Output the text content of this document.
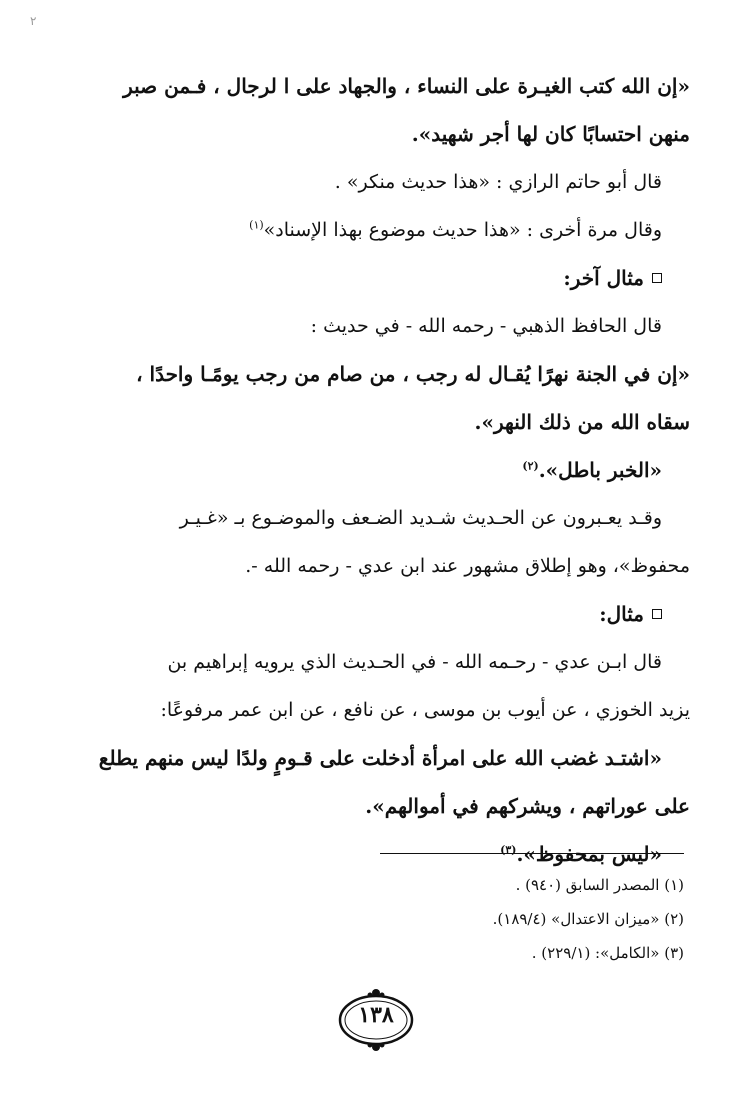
٢
«إن الله كتب الغيـرة على النساء ، والجهاد على ا لرجال ، فـمن صبر
منهن احتسابًا كان لها أجر شهيد».
قال أبو حاتم الرازي : «هذا حديث منكر» .
وقال مرة أخرى : «هذا حديث موضوع بهذا الإسناد»$^{(١)}$
مثال آخر:
قال الحافظ الذهبي - رحمه الله - في حديث :
«إن في الجنة نهرًا يُقـال له رجب ، من صام من رجب يومًـا واحدًا ،
سقاه الله من ذلك النهر».
«الخبر باطل».$^{(٢)}$
وقـد يعـبرون عن الحـديث شـديد الضـعف والموضـوع بـ «غـيـر
محفوظ»، وهو إطلاق مشهور عند ابن عدي - رحمه الله -.
مثال:
قال ابـن عدي - رحـمه الله - في الحـديث الذي يرويه إبراهيم بن
يزيد الخوزي ، عن أيوب بن موسى ، عن نافع ، عن ابن عمر مرفوعًا:
«اشتـد غضب الله على امرأة أدخلت على قـومٍ ولدًا ليس منهم يطلع
على عوراتهم ، ويشركهم في أموالهم».
«ليس بمحفوظ».$^{(٣)}$
(١) المصدر السابق (٩٤٠) .
(٢) «ميزان الاعتدال» (١٨٩/٤).
(٣) «الكامل»: (٢٢٩/١) .
١٣٨
